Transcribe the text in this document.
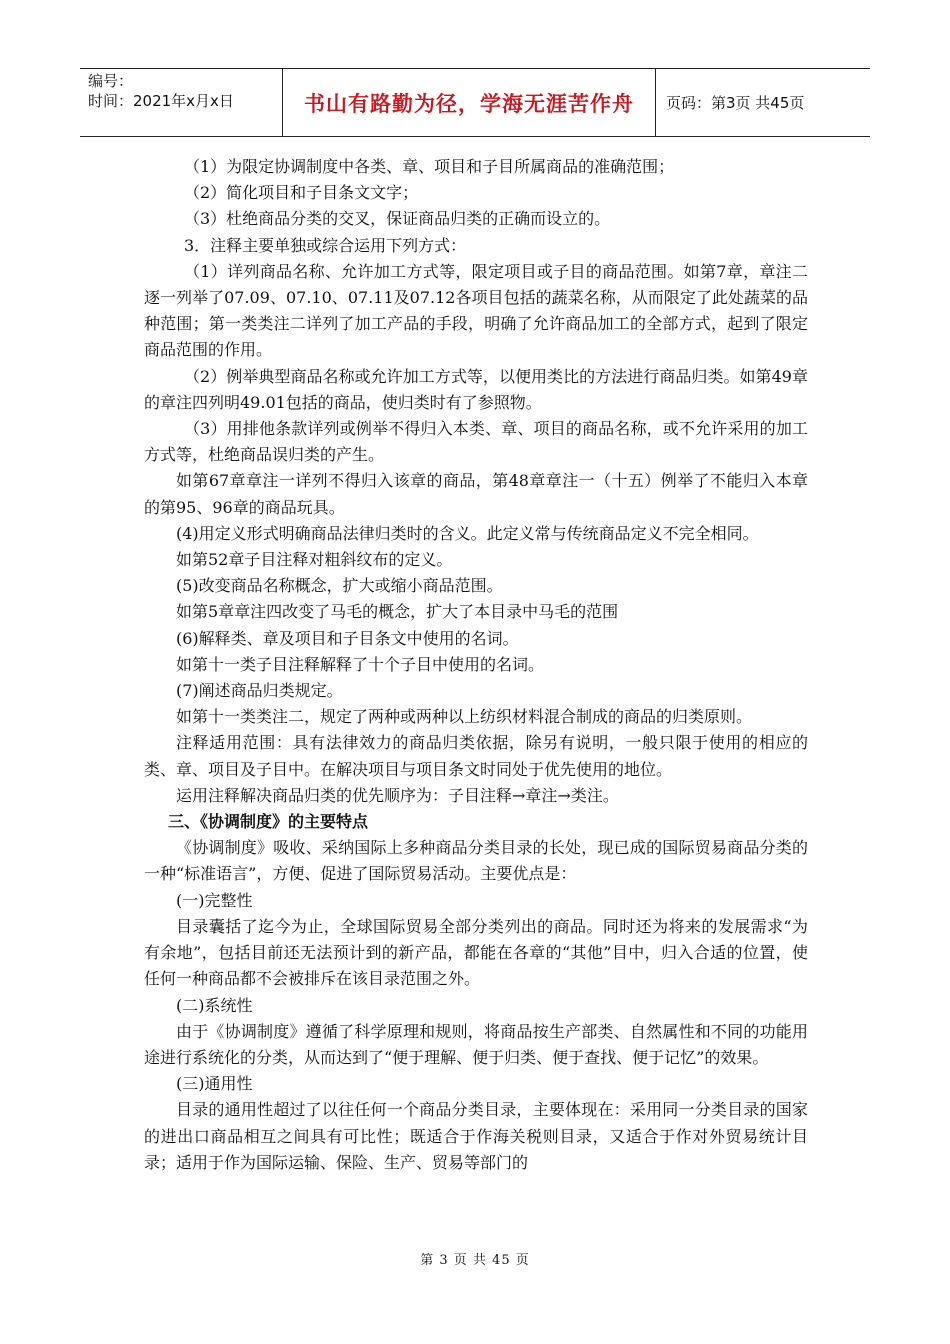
编号：
时间：2021年x月x日	书山有路勤为径，学海无涯苦作舟	页码：第3页 共45页

（1）为限定协调制度中各类、章、项目和子目所属商品的准确范围；

（2）简化项目和子目条文文字；

（3）杜绝商品分类的交叉，保证商品归类的正确而设立的。

3．注释主要单独或综合运用下列方式：

（1）详列商品名称、允许加工方式等，限定项目或子目的商品范围。如第7章，章注二逐一列举了07.09、07.10、07.11及07.12各项目包括的蔬菜名称，从而限定了此处蔬菜的品种范围；第一类类注二详列了加工产品的手段，明确了允许商品加工的全部方式，起到了限定商品范围的作用。

（2）例举典型商品名称或允许加工方式等，以便用类比的方法进行商品归类。如第49章的章注四列明49.01包括的商品，使归类时有了参照物。

（3）用排他条款详列或例举不得归入本类、章、项目的商品名称，或不允许采用的加工方式等，杜绝商品误归类的产生。

如第67章章注一详列不得归入该章的商品，第48章章注一（十五）例举了不能归入本章的第95、96章的商品玩具。

(4)用定义形式明确商品法律归类时的含义。此定义常与传统商品定义不完全相同。

如第52章子目注释对粗斜纹布的定义。

(5)改变商品名称概念，扩大或缩小商品范围。

如第5章章注四改变了马毛的概念，扩大了本目录中马毛的范围

(6)解释类、章及项目和子目条文中使用的名词。

如第十一类子目注释解释了十个子目中使用的名词。

(7)阐述商品归类规定。

如第十一类类注二，规定了两种或两种以上纺织材料混合制成的商品的归类原则。

注释适用范围：具有法律效力的商品归类依据，除另有说明，一般只限于使用的相应的类、章、项目及子目中。在解决项目与项目条文时同处于优先使用的地位。

运用注释解决商品归类的优先顺序为：子目注释→章注→类注。

三、《协调制度》的主要特点

《协调制度》吸收、采纳国际上多种商品分类目录的长处，现已成的国际贸易商品分类的一种“标准语言”，方便、促进了国际贸易活动。主要优点是：

(一)完整性

目录囊括了迄今为止，全球国际贸易全部分类列出的商品。同时还为将来的发展需求“为有余地”，包括目前还无法预计到的新产品，都能在各章的“其他”目中，归入合适的位置，使任何一种商品都不会被排斥在该目录范围之外。

(二)系统性

由于《协调制度》遵循了科学原理和规则，将商品按生产部类、自然属性和不同的功能用途进行系统化的分类，从而达到了“便于理解、便于归类、便于查找、便于记忆”的效果。

(三)通用性

目录的通用性超过了以往任何一个商品分类目录，主要体现在：采用同一分类目录的国家的进出口商品相互之间具有可比性；既适合于作海关税则目录，又适合于作对外贸易统计目录；适用于作为国际运输、保险、生产、贸易等部门的

第 3 页 共 45 页
